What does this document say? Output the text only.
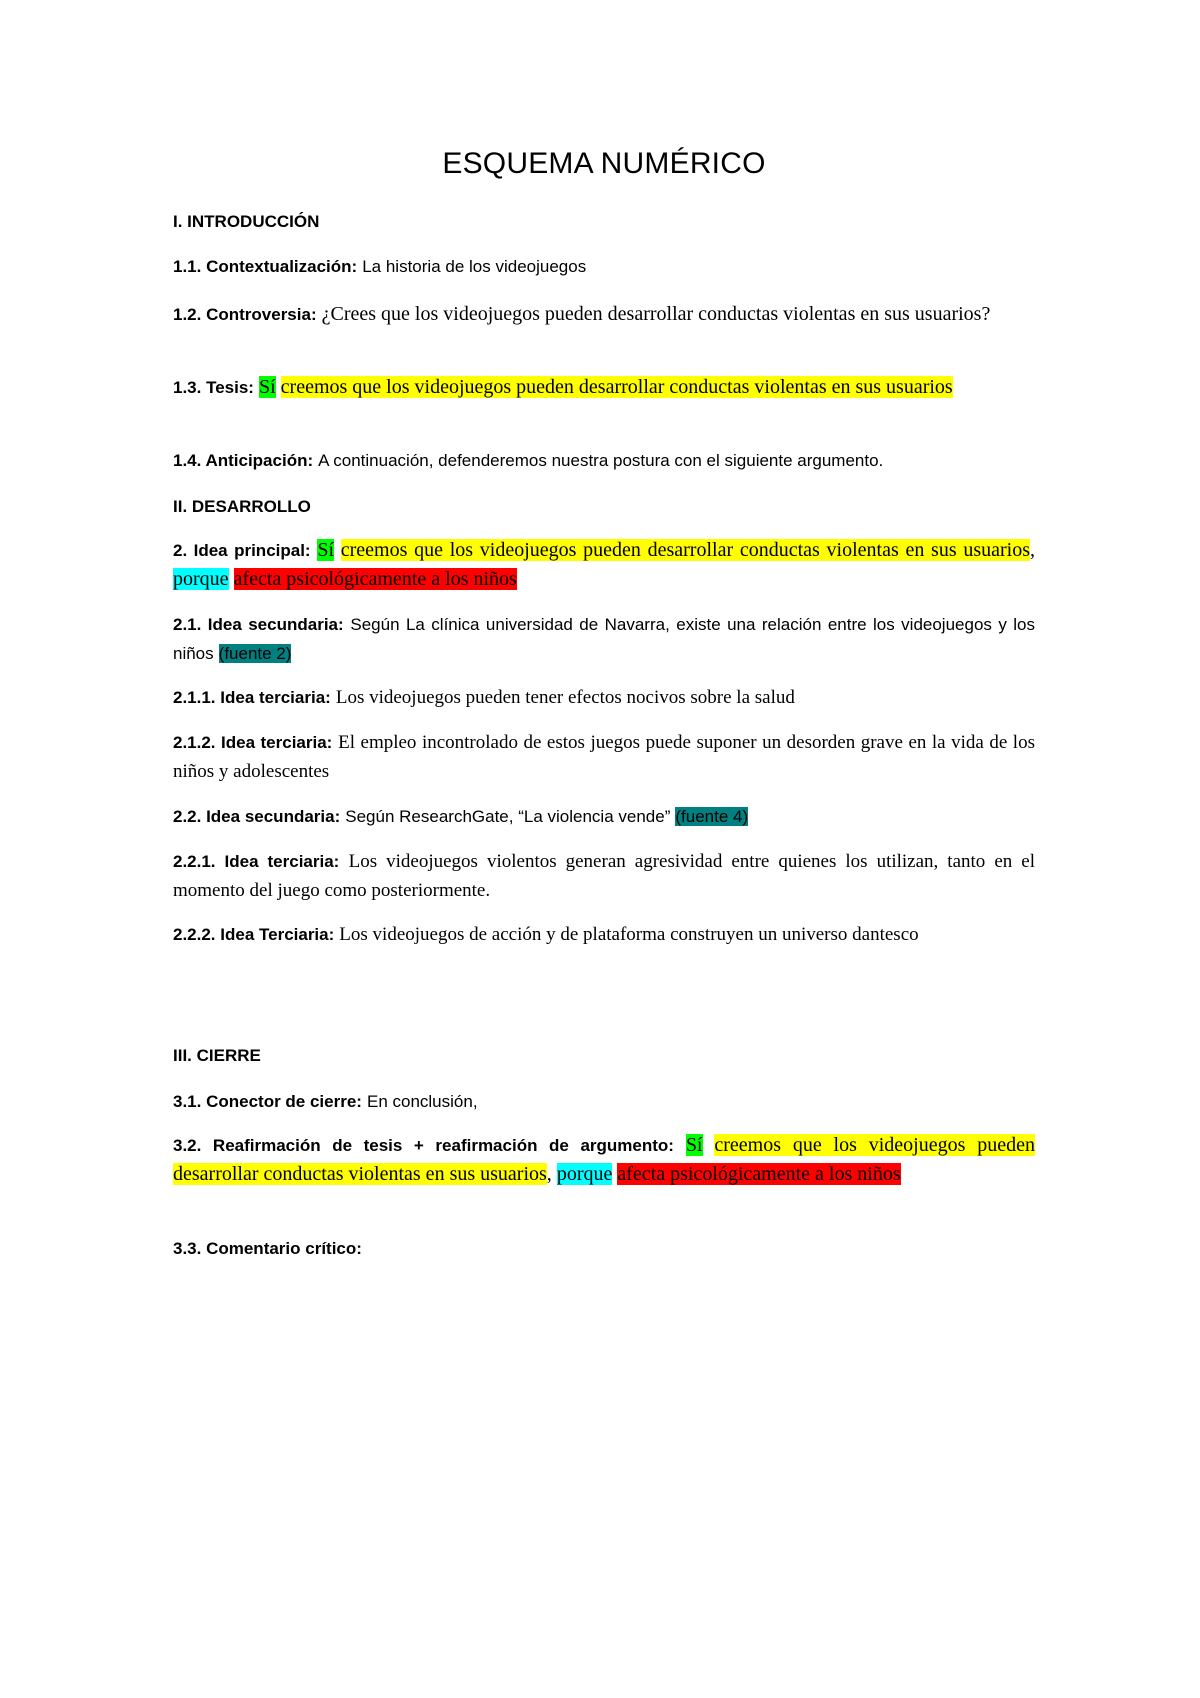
ESQUEMA NUMÉRICO
I. INTRODUCCIÓN
1.1. Contextualización: La historia de los videojuegos
1.2. Controversia: ¿Crees que los videojuegos pueden desarrollar conductas violentas en sus usuarios?
1.3. Tesis: Sí creemos que los videojuegos pueden desarrollar conductas violentas en sus usuarios
1.4. Anticipación: A continuación, defenderemos nuestra postura con el siguiente argumento.
II. DESARROLLO
2. Idea principal: Sí creemos que los videojuegos pueden desarrollar conductas violentas en sus usuarios, porque afecta psicológicamente a los niños
2.1. Idea secundaria: Según La clínica universidad de Navarra, existe una relación entre los videojuegos y los niños (fuente 2)
2.1.1. Idea terciaria: Los videojuegos pueden tener efectos nocivos sobre la salud
2.1.2. Idea terciaria: El empleo incontrolado de estos juegos puede suponer un desorden grave en la vida de los niños y adolescentes
2.2. Idea secundaria: Según ResearchGate, “La violencia vende” (fuente 4)
2.2.1. Idea terciaria: Los videojuegos violentos generan agresividad entre quienes los utilizan, tanto en el momento del juego como posteriormente.
2.2.2. Idea Terciaria: Los videojuegos de acción y de plataforma construyen un universo dantesco
III. CIERRE
3.1. Conector de cierre: En conclusión,
3.2. Reafirmación de tesis + reafirmación de argumento: Sí creemos que los videojuegos pueden desarrollar conductas violentas en sus usuarios, porque afecta psicológicamente a los niños
3.3. Comentario crítico:
